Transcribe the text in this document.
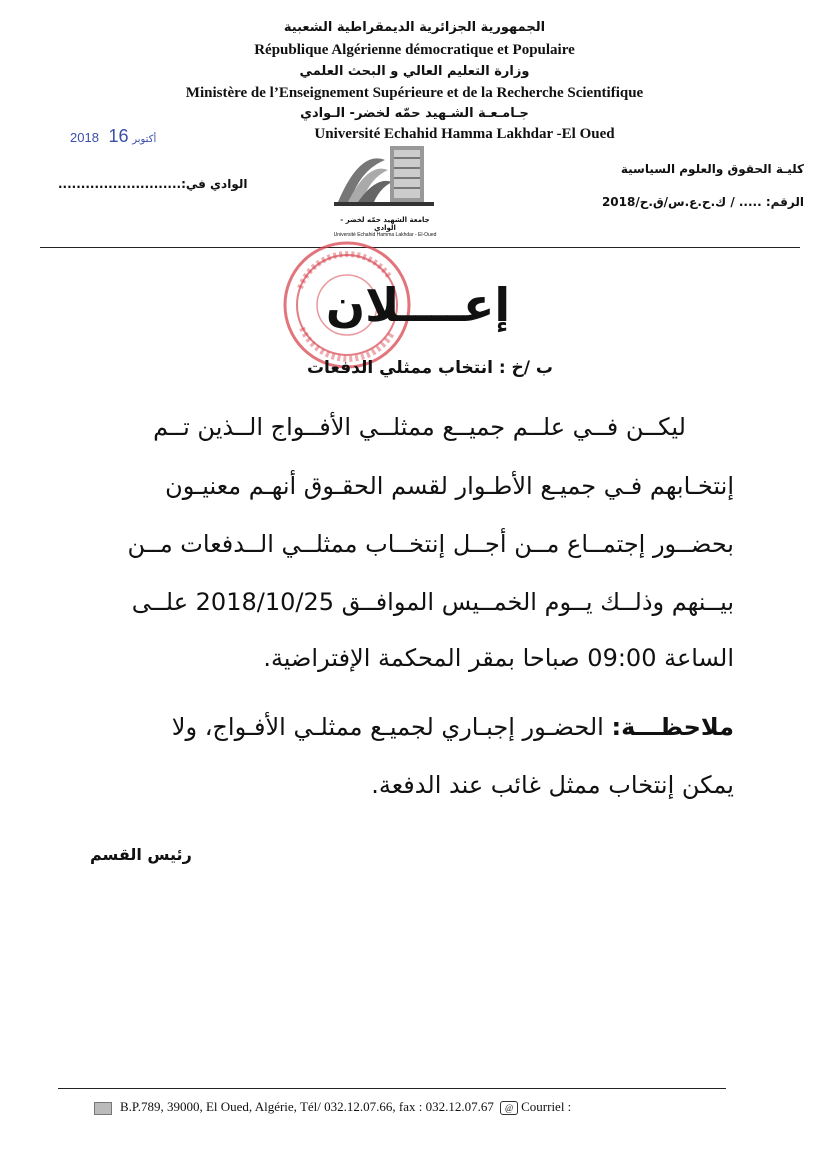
الجمهورية الجزائرية الديمقراطية الشعبية
République Algérienne démocratique et Populaire
وزارة التعليم العالي و البحث العلمي
Ministère de l’Enseignement Supérieure et de la Recherche Scientifique
جـامـعـة الشـهيد حمّه لخضر- الـوادي
Université Echahid Hamma Lakhdar -El Oued
2018	أكتوبر 16
كليـة الحقوق والعلوم السياسية
الرقم: ..... / ك.ح.ع.س/ق.ح/2018
الوادي في:...........................
جامعة الشهيد حمّه لخضر - الوادي
Université Echahid Hamma Lakhdar - El-Oued
إعــــلان
ب /خ : انتخاب ممثلي الدفعات
ليكــن فــي علــم جميــع ممثلــي الأفــواج الــذين تــم
إنتخـابهم فـي جميـع الأطـوار لقسم الحقـوق أنهـم معنيـون
بحضــور إجتمــاع مــن أجــل إنتخــاب ممثلــي الــدفعات مــن
بيــنهم وذلــك يــوم الخمــيس الموافــق 2018/10/25 علــى
الساعة 09:00 صباحا بمقر المحكمة الإفتراضية.
ملاحظـــة: الحضـور إجبـاري لجميـع ممثلـي الأفـواج، ولا
يمكن إنتخاب ممثل غائب عند الدفعة.
رئيس القسم
B.P.789, 39000, El Oued, Algérie, Tél/ 032.12.07.66, fax : 032.12.07.67 @ Courriel :
